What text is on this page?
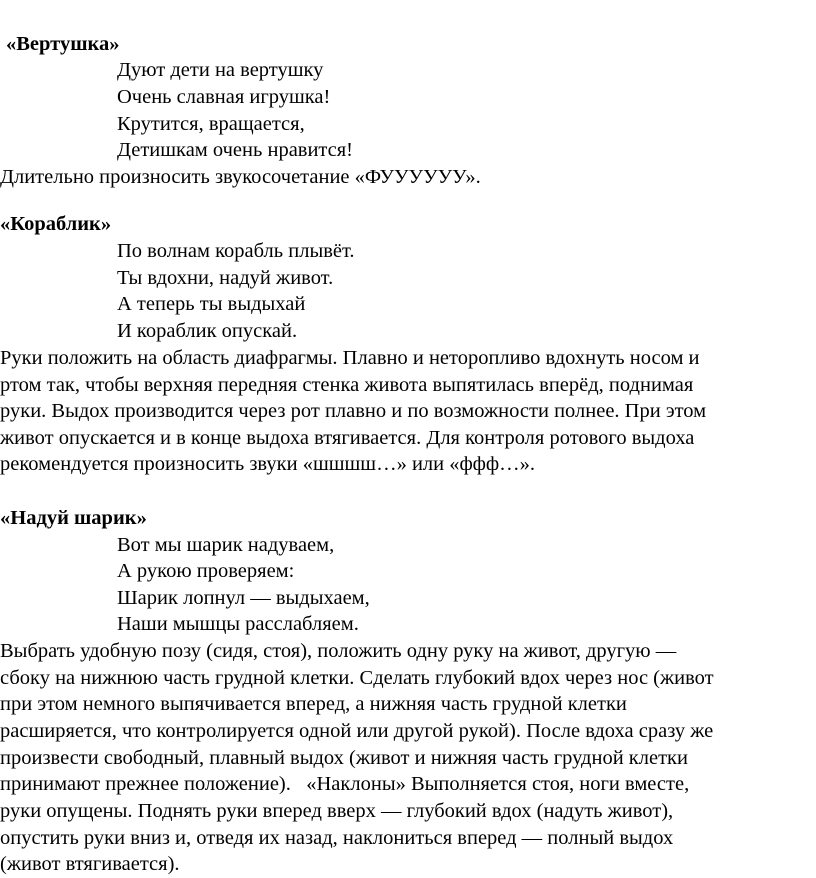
«Вертушка»
Дуют дети на вертушку
Очень славная игрушка!
Крутится, вращается,
Детишкам очень нравится!
Длительно произносить звукосочетание «ФУУУУУУ».
«Кораблик»
По волнам корабль плывёт.
Ты вдохни, надуй живот.
А теперь ты выдыхай
И кораблик опускай.
Руки положить на область диафрагмы. Плавно и неторопливо вдохнуть носом и
ртом так, чтобы верхняя передняя стенка живота выпятилась вперёд, поднимая
руки. Выдох производится через рот плавно и по возможности полнее. При этом
живот опускается и в конце выдоха втягивается. Для контроля ротового выдоха
рекомендуется произносить звуки «шшшш…» или «ффф…».
«Надуй шарик»
Вот мы шарик надуваем,
А рукою проверяем:
Шарик лопнул — выдыхаем,
Наши мышцы расслабляем.
Выбрать удобную позу (сидя, стоя), положить одну руку на живот, другую —
сбоку на нижнюю часть грудной клетки. Сделать глубокий вдох через нос (живот
при этом немного выпячивается вперед, а нижняя часть грудной клетки
расширяется, что контролируется одной или другой рукой). После вдоха сразу же
произвести свободный, плавный выдох (живот и нижняя часть грудной клетки
принимают прежнее положение).   «Наклоны» Выполняется стоя, ноги вместе,
руки опущены. Поднять руки вперед вверх — глубокий вдох (надуть живот),
опустить руки вниз и, отведя их назад, наклониться вперед — полный выдох
(живот втягивается).
